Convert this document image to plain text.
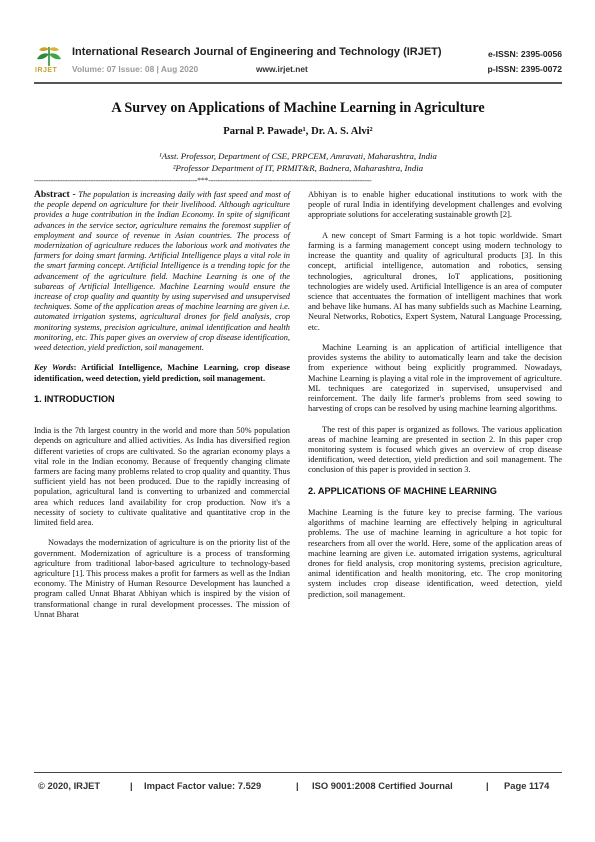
IRJET
International Research Journal of Engineering and Technology (IRJET)
Volume: 07 Issue: 08 | Aug 2020	www.irjet.net
e-ISSN: 2395-0056
p-ISSN: 2395-0072
A Survey on Applications of Machine Learning in Agriculture
Parnal P. Pawade¹, Dr. A. S. Alvi²
¹Asst. Professor, Department of CSE, PRPCEM, Amravati, Maharashtra, India
²Professor Department of IT, PRMIT&R, Badnera, Maharashtra, India
---------------------------------------------------------------------***---------------------------------------------------------------------

Abstract - The population is increasing daily with fast speed and most of the people depend on agriculture for their livelihood. Although agriculture provides a huge contribution in the Indian Economy. In spite of significant advances in the service sector, agriculture remains the foremost supplier of employment and source of revenue in Asian countries. The process of modernization of agriculture reduces the laborious work and motivates the farmers for doing smart farming. Artificial Intelligence plays a vital role in the smart farming concept. Artificial Intelligence is a trending topic for the advancement of the agriculture field. Machine Learning is one of the subareas of Artificial Intelligence. Machine Learning would ensure the increase of crop quality and quantity by using supervised and unsupervised techniques. Some of the application areas of machine learning are given i.e. automated irrigation systems, agricultural drones for field analysis, crop monitoring systems, precision agriculture, animal identification and health monitoring, etc. This paper gives an overview of crop disease identification, weed detection, yield prediction, soil management.

Key Words: Artificial Intelligence, Machine Learning, crop disease identification, weed detection, yield prediction, soil management.

1. INTRODUCTION

India is the 7th largest country in the world and more than 50% population depends on agriculture and allied activities. As India has diversified region different varieties of crops are cultivated. So the agrarian economy plays a vital role in the Indian economy. Because of frequently changing climate farmers are facing many problems related to crop quality and quantity. Thus sufficient yield has not been produced. Due to the rapidly increasing of population, agricultural land is converting to urbanized and commercial area which reduces land availability for crop production. Now it's a necessity of society to cultivate qualitative and quantitative crop in the limited field area.

Nowadays the modernization of agriculture is on the priority list of the government. Modernization of agriculture is a process of transforming agriculture from traditional labor-based agriculture to technology-based agriculture [1]. This process makes a profit for farmers as well as the Indian economy. The Ministry of Human Resource Development has launched a program called Unnat Bharat Abhiyan which is inspired by the vision of transformational change in rural development processes. The mission of Unnat Bharat

Abhiyan is to enable higher educational institutions to work with the people of rural India in identifying development challenges and evolving appropriate solutions for accelerating sustainable growth [2].

A new concept of Smart Farming is a hot topic worldwide. Smart farming is a farming management concept using modern technology to increase the quantity and quality of agricultural products [3]. In this concept, artificial intelligence, automation and robotics, sensing technologies, agricultural drones, IoT applications, positioning technologies are widely used. Artificial Intelligence is an area of computer science that accentuates the formation of intelligent machines that work and behave like humans. AI has many subfields such as Machine Learning, Neural Networks, Robotics, Expert System, Natural Language Processing, etc.

Machine Learning is an application of artificial intelligence that provides systems the ability to automatically learn and take the decision from experience without being explicitly programmed. Nowadays, Machine Learning is playing a vital role in the improvement of agriculture. ML techniques are categorized in supervised, unsupervised and reinforcement. The daily life farmer's problems from seed sowing to harvesting of crops can be resolved by using machine learning algorithms.

The rest of this paper is organized as follows. The various application areas of machine learning are presented in section 2. In this paper crop monitoring system is focused which gives an overview of crop disease identification, weed detection, yield prediction and soil management. The conclusion of this paper is provided in section 3.

2. APPLICATIONS OF MACHINE LEARNING

Machine Learning is the future key to precise farming. The various algorithms of machine learning are effectively helping in agricultural problems. The use of machine learning in agriculture a hot topic for researchers from all over the world. Here, some of the application areas of machine learning are given i.e. automated irrigation systems, agricultural drones for field analysis, crop monitoring systems, precision agriculture, animal identification and health monitoring, etc. The crop monitoring system includes crop disease identification, weed detection, yield prediction, soil management.

© 2020, IRJET	| Impact Factor value: 7.529	| ISO 9001:2008 Certified Journal	| Page 1174
